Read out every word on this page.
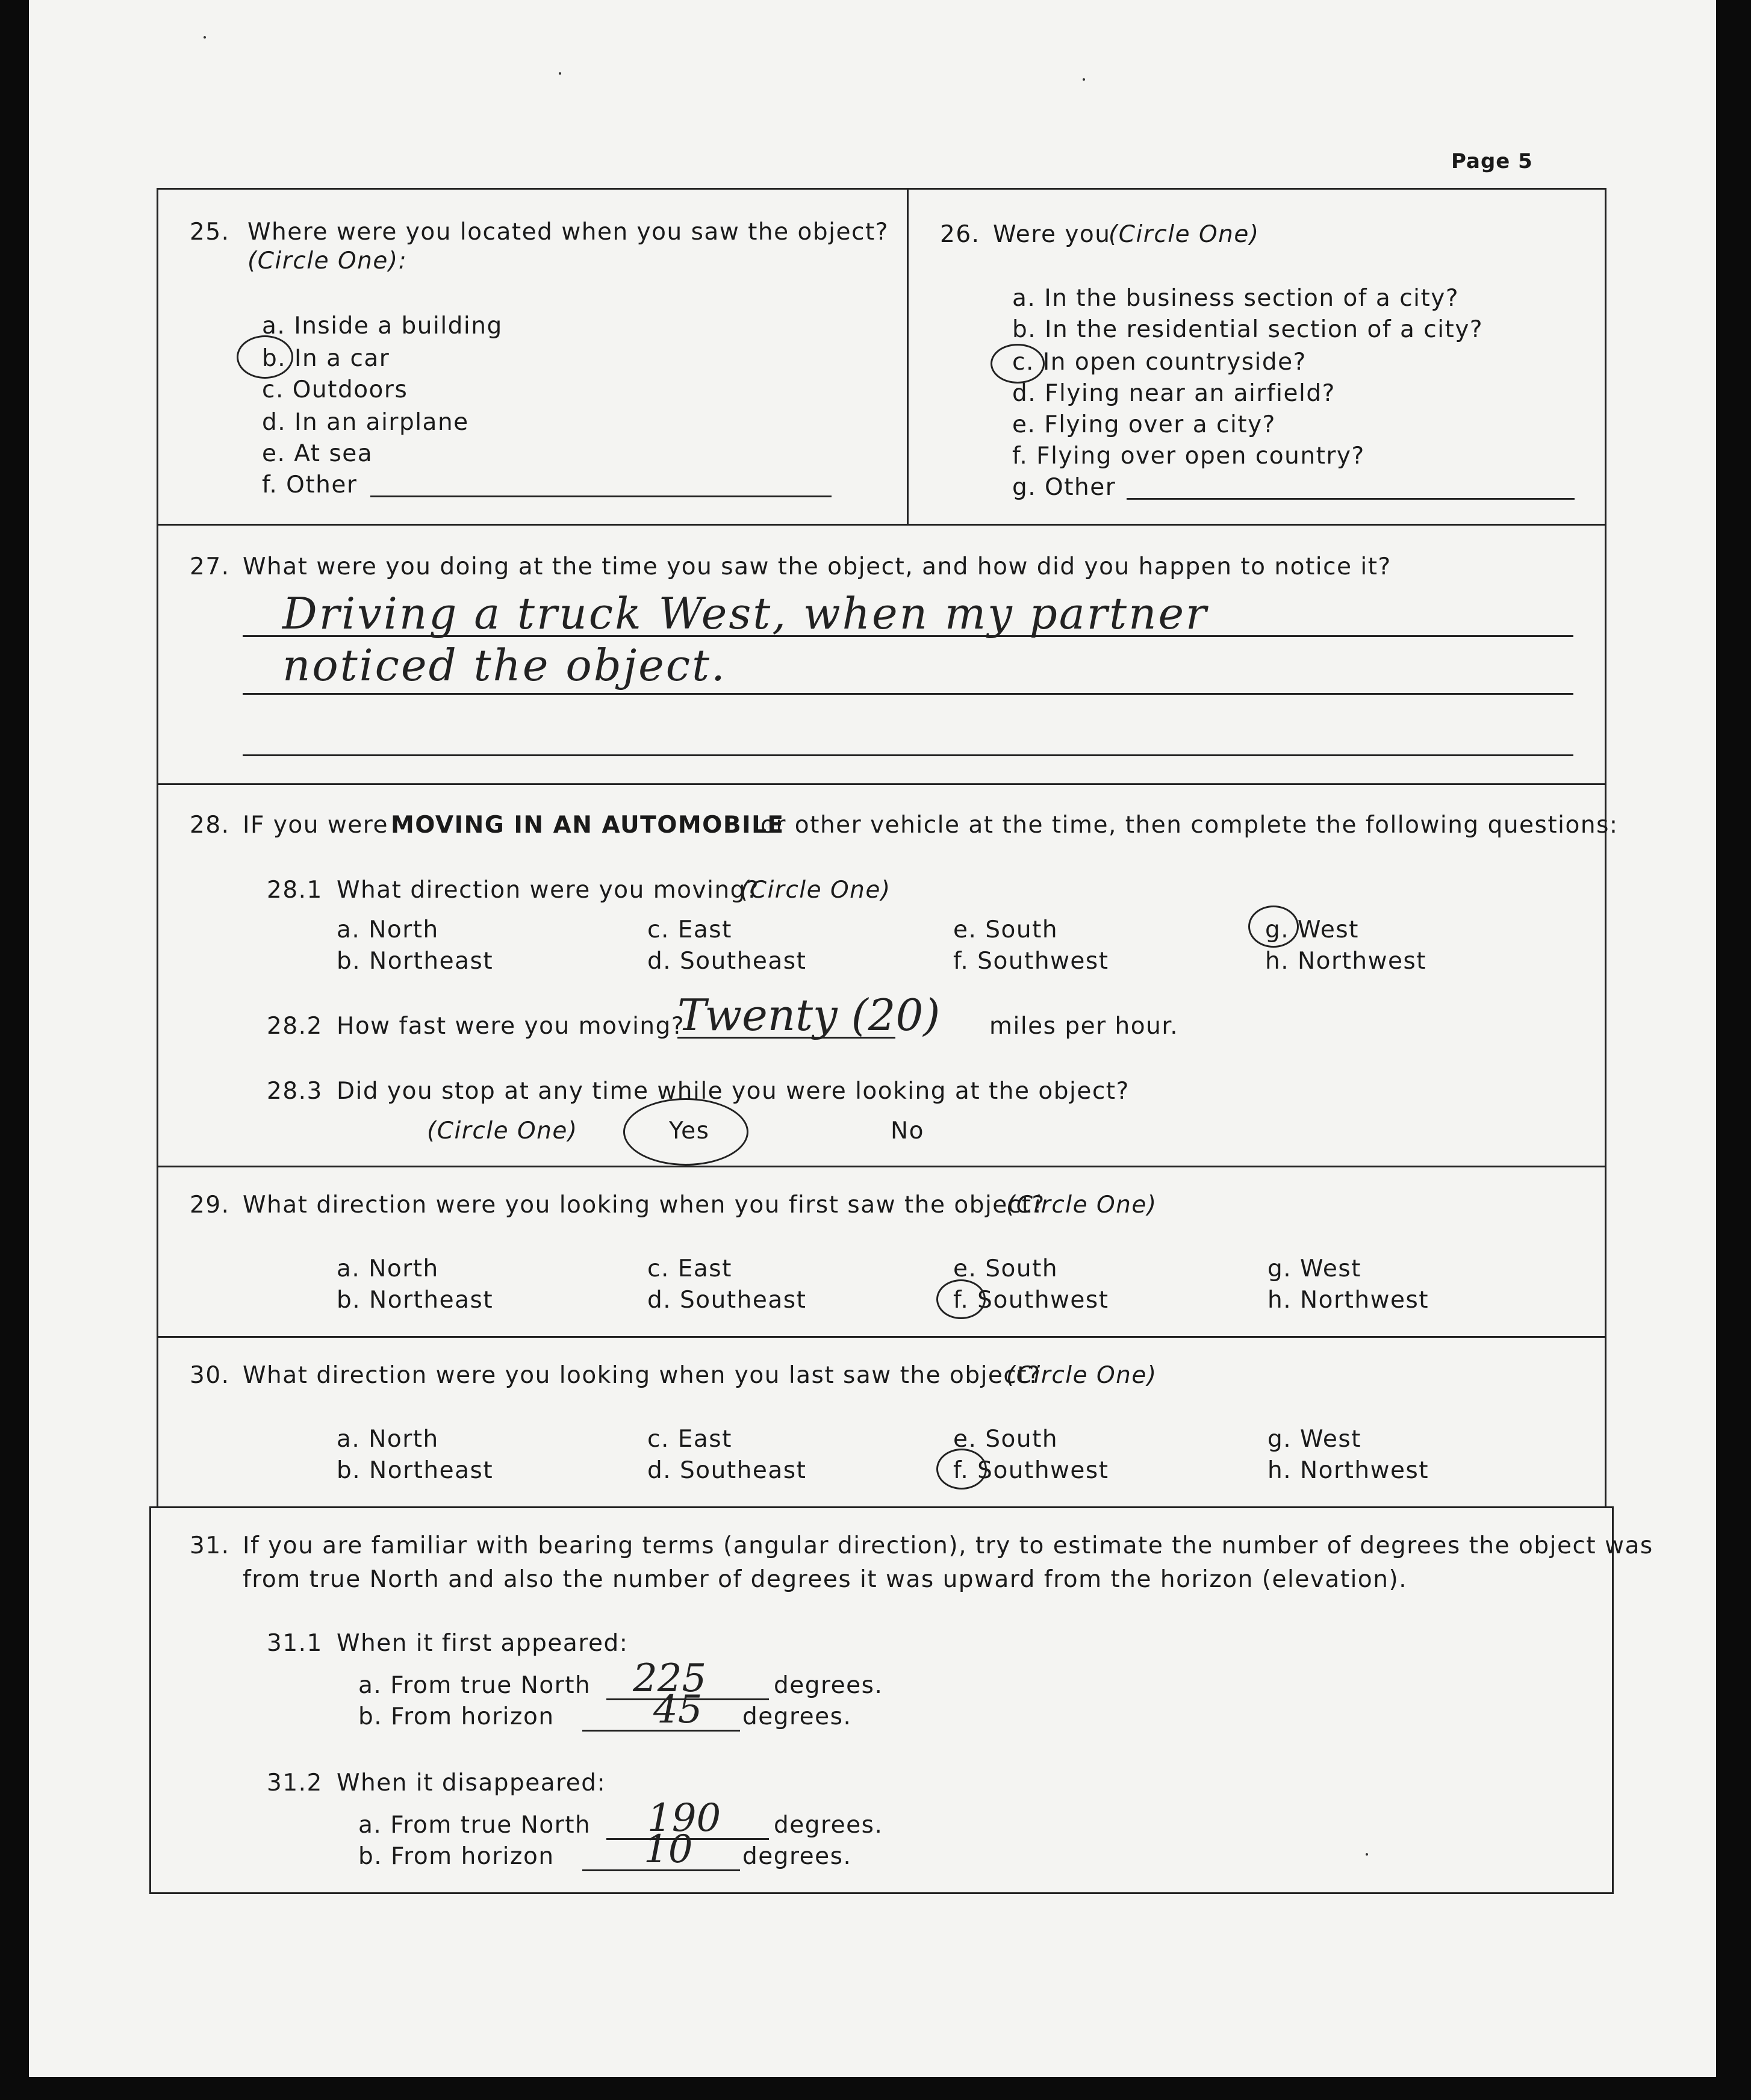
Page 5
25. Where were you located when you saw the object?
(Circle One):
a. Inside a building
b. In a car
c. Outdoors
d. In an airplane
e. At sea
f. Other
26. Were you
(Circle One)
a. In the business section of a city?
b. In the residential section of a city?
c. In open countryside?
d. Flying near an airfield?
e. Flying over a city?
f. Flying over open country?
g. Other
27. What were you doing at the time you saw the object, and how did you happen to notice it?
Driving a truck West, when my partner
noticed the object.
28. IF you were MOVING IN AN AUTOMOBILE
or other vehicle at the time, then complete the following questions:
28.1 What direction were you moving?
(Circle One)
a. North
b. Northeast
c. East
d. Southeast
e. South
f. Southwest
g. West
h. Northwest
28.2 How fast were you moving?
Twenty (20) miles per hour.
28.3 Did you stop at any time while you were looking at the object?
(Circle One)	Yes	No
29. What direction were you looking when you first saw the object?
(Circle One)
a. North
b. Northeast
c. East
d. Southeast
e. South
f. Southwest
g. West
h. Northwest
30. What direction were you looking when you last saw the object?
(Circle One)
a. North
b. Northeast
c. East
d. Southeast
e. South
f. Southwest
g. West
h. Northwest
31. If you are familiar with bearing terms (angular direction), try to estimate the number of degrees the object was
from true North and also the number of degrees it was upward from the horizon (elevation).
31.1 When it first appeared:
a. From true North 225	degrees.
b. From horizon	45 degrees.
31.2 When it disappeared:
a. From true North 190 degrees.
b. From horizon 10 degrees.
